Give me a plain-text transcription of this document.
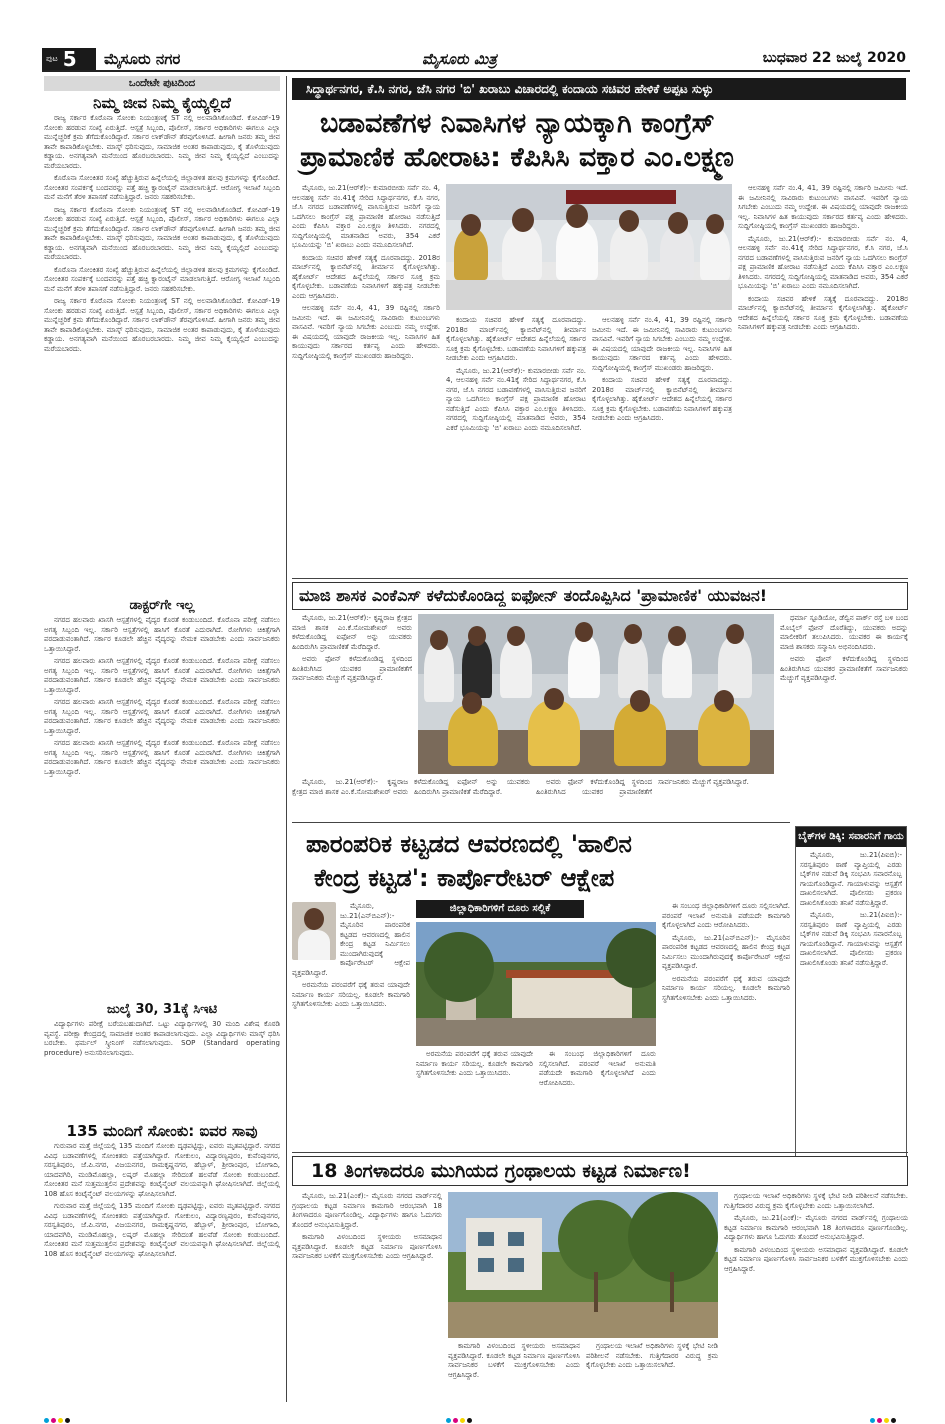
ಪುಟ 5 ಮೈಸೂರು ನಗರ	ಮೈಸೂರು ಮಿತ್ರ	ಬುಧವಾರ 22 ಜುಲೈ 2020
ಒಂದೇಟೇ ಪುಟದಿಂದ
ನಿಮ್ಮ ಜೀವ ನಿಮ್ಮ ಕೈಯ್ಯಲ್ಲಿದೆ

ರಾಜ್ಯ ಸರ್ಕಾರ ಕೊರೊನಾ ಸೋಂಕು ನಿಯಂತ್ರಣಕ್ಕೆ ST ನಲ್ಲಿ ಅಲವಾಡಿಸಿಕೊಂಡಿದೆ. ಕೋವಿಡ್-19 ಸೋಂಕು ಹರಡುವ ಸಂಖ್ಯೆ ಏರುತ್ತಿದೆ. ಆಸ್ಪತ್ರೆ ಸಿಬ್ಬಂದಿ, ಪೊಲೀಸ್, ಸರ್ಕಾರ ಅಧಿಕಾರಿಗಳು ಈಗಲೂ ಎಲ್ಲಾ ಮುನ್ನೆಚ್ಚರಿಕೆ ಕ್ರಮ ತೆಗೆದುಕೊಂಡಿದ್ದಾರೆ. ಸರ್ಕಾರ ಲಾಕ್‌ಡೌನ್ ತೆರವುಗೊಳಿಸಿದೆ. ಹೀಗಾಗಿ ಜನರು ತಮ್ಮ ಜೀವ ತಾವೇ ಕಾಪಾಡಿಕೊಳ್ಳಬೇಕು. ಮಾಸ್ಕ್ ಧರಿಸುವುದು, ಸಾಮಾಜಿಕ ಅಂತರ ಕಾಪಾಡುವುದು, ಕೈ ತೊಳೆಯುವುದು ಕಡ್ಡಾಯ. ಅನಗತ್ಯವಾಗಿ ಮನೆಯಿಂದ ಹೊರಬರಬಾರದು. ನಿಮ್ಮ ಜೀವ ನಿಮ್ಮ ಕೈಯ್ಯಲ್ಲಿದೆ ಎಂಬುದನ್ನು ಮರೆಯಬಾರದು.

ಕೊರೊನಾ ಸೋಂಕಿತರ ಸಂಖ್ಯೆ ಹೆಚ್ಚುತ್ತಿರುವ ಹಿನ್ನೆಲೆಯಲ್ಲಿ ಜಿಲ್ಲಾಡಳಿತ ಹಲವು ಕ್ರಮಗಳನ್ನು ಕೈಗೊಂಡಿದೆ. ಸೋಂಕಿತರ ಸಂಪರ್ಕಕ್ಕೆ ಬಂದವರನ್ನು ಪತ್ತೆ ಹಚ್ಚಿ ಕ್ವಾರಂಟೈನ್ ಮಾಡಲಾಗುತ್ತಿದೆ. ಆರೋಗ್ಯ ಇಲಾಖೆ ಸಿಬ್ಬಂದಿ ಮನೆ ಮನೆಗೆ ತೆರಳಿ ತಪಾಸಣೆ ನಡೆಸುತ್ತಿದ್ದಾರೆ. ಜನರು ಸಹಕರಿಸಬೇಕು.

ರಾಜ್ಯ ಸರ್ಕಾರ ಕೊರೊನಾ ಸೋಂಕು ನಿಯಂತ್ರಣಕ್ಕೆ ST ನಲ್ಲಿ ಅಲವಾಡಿಸಿಕೊಂಡಿದೆ. ಕೋವಿಡ್-19 ಸೋಂಕು ಹರಡುವ ಸಂಖ್ಯೆ ಏರುತ್ತಿದೆ. ಆಸ್ಪತ್ರೆ ಸಿಬ್ಬಂದಿ, ಪೊಲೀಸ್, ಸರ್ಕಾರ ಅಧಿಕಾರಿಗಳು ಈಗಲೂ ಎಲ್ಲಾ ಮುನ್ನೆಚ್ಚರಿಕೆ ಕ್ರಮ ತೆಗೆದುಕೊಂಡಿದ್ದಾರೆ. ಸರ್ಕಾರ ಲಾಕ್‌ಡೌನ್ ತೆರವುಗೊಳಿಸಿದೆ. ಹೀಗಾಗಿ ಜನರು ತಮ್ಮ ಜೀವ ತಾವೇ ಕಾಪಾಡಿಕೊಳ್ಳಬೇಕು. ಮಾಸ್ಕ್ ಧರಿಸುವುದು, ಸಾಮಾಜಿಕ ಅಂತರ ಕಾಪಾಡುವುದು, ಕೈ ತೊಳೆಯುವುದು ಕಡ್ಡಾಯ. ಅನಗತ್ಯವಾಗಿ ಮನೆಯಿಂದ ಹೊರಬರಬಾರದು. ನಿಮ್ಮ ಜೀವ ನಿಮ್ಮ ಕೈಯ್ಯಲ್ಲಿದೆ ಎಂಬುದನ್ನು ಮರೆಯಬಾರದು.

ಕೊರೊನಾ ಸೋಂಕಿತರ ಸಂಖ್ಯೆ ಹೆಚ್ಚುತ್ತಿರುವ ಹಿನ್ನೆಲೆಯಲ್ಲಿ ಜಿಲ್ಲಾಡಳಿತ ಹಲವು ಕ್ರಮಗಳನ್ನು ಕೈಗೊಂಡಿದೆ. ಸೋಂಕಿತರ ಸಂಪರ್ಕಕ್ಕೆ ಬಂದವರನ್ನು ಪತ್ತೆ ಹಚ್ಚಿ ಕ್ವಾರಂಟೈನ್ ಮಾಡಲಾಗುತ್ತಿದೆ. ಆರೋಗ್ಯ ಇಲಾಖೆ ಸಿಬ್ಬಂದಿ ಮನೆ ಮನೆಗೆ ತೆರಳಿ ತಪಾಸಣೆ ನಡೆಸುತ್ತಿದ್ದಾರೆ. ಜನರು ಸಹಕರಿಸಬೇಕು.

ರಾಜ್ಯ ಸರ್ಕಾರ ಕೊರೊನಾ ಸೋಂಕು ನಿಯಂತ್ರಣಕ್ಕೆ ST ನಲ್ಲಿ ಅಲವಾಡಿಸಿಕೊಂಡಿದೆ. ಕೋವಿಡ್-19 ಸೋಂಕು ಹರಡುವ ಸಂಖ್ಯೆ ಏರುತ್ತಿದೆ. ಆಸ್ಪತ್ರೆ ಸಿಬ್ಬಂದಿ, ಪೊಲೀಸ್, ಸರ್ಕಾರ ಅಧಿಕಾರಿಗಳು ಈಗಲೂ ಎಲ್ಲಾ ಮುನ್ನೆಚ್ಚರಿಕೆ ಕ್ರಮ ತೆಗೆದುಕೊಂಡಿದ್ದಾರೆ. ಸರ್ಕಾರ ಲಾಕ್‌ಡೌನ್ ತೆರವುಗೊಳಿಸಿದೆ. ಹೀಗಾಗಿ ಜನರು ತಮ್ಮ ಜೀವ ತಾವೇ ಕಾಪಾಡಿಕೊಳ್ಳಬೇಕು. ಮಾಸ್ಕ್ ಧರಿಸುವುದು, ಸಾಮಾಜಿಕ ಅಂತರ ಕಾಪಾಡುವುದು, ಕೈ ತೊಳೆಯುವುದು ಕಡ್ಡಾಯ. ಅನಗತ್ಯವಾಗಿ ಮನೆಯಿಂದ ಹೊರಬರಬಾರದು. ನಿಮ್ಮ ಜೀವ ನಿಮ್ಮ ಕೈಯ್ಯಲ್ಲಿದೆ ಎಂಬುದನ್ನು ಮರೆಯಬಾರದು.

ಡಾಕ್ಟರ್‌ಗೇ ಇಲ್ಲ

ನಗರದ ಹಲವಾರು ಖಾಸಗಿ ಆಸ್ಪತ್ರೆಗಳಲ್ಲಿ ವೈದ್ಯರ ಕೊರತೆ ಕಂಡುಬಂದಿದೆ. ಕೊರೊನಾ ಪರೀಕ್ಷೆ ನಡೆಸಲು ಅಗತ್ಯ ಸಿಬ್ಬಂದಿ ಇಲ್ಲ. ಸರ್ಕಾರಿ ಆಸ್ಪತ್ರೆಗಳಲ್ಲಿ ಹಾಸಿಗೆ ಕೊರತೆ ಎದುರಾಗಿದೆ. ರೋಗಿಗಳು ಚಿಕಿತ್ಸೆಗಾಗಿ ಪರದಾಡುವಂತಾಗಿದೆ. ಸರ್ಕಾರ ಕೂಡಲೇ ಹೆಚ್ಚಿನ ವೈದ್ಯರನ್ನು ನೇಮಕ ಮಾಡಬೇಕು ಎಂದು ಸಾರ್ವಜನಿಕರು ಒತ್ತಾಯಿಸಿದ್ದಾರೆ.

ನಗರದ ಹಲವಾರು ಖಾಸಗಿ ಆಸ್ಪತ್ರೆಗಳಲ್ಲಿ ವೈದ್ಯರ ಕೊರತೆ ಕಂಡುಬಂದಿದೆ. ಕೊರೊನಾ ಪರೀಕ್ಷೆ ನಡೆಸಲು ಅಗತ್ಯ ಸಿಬ್ಬಂದಿ ಇಲ್ಲ. ಸರ್ಕಾರಿ ಆಸ್ಪತ್ರೆಗಳಲ್ಲಿ ಹಾಸಿಗೆ ಕೊರತೆ ಎದುರಾಗಿದೆ. ರೋಗಿಗಳು ಚಿಕಿತ್ಸೆಗಾಗಿ ಪರದಾಡುವಂತಾಗಿದೆ. ಸರ್ಕಾರ ಕೂಡಲೇ ಹೆಚ್ಚಿನ ವೈದ್ಯರನ್ನು ನೇಮಕ ಮಾಡಬೇಕು ಎಂದು ಸಾರ್ವಜನಿಕರು ಒತ್ತಾಯಿಸಿದ್ದಾರೆ.

ನಗರದ ಹಲವಾರು ಖಾಸಗಿ ಆಸ್ಪತ್ರೆಗಳಲ್ಲಿ ವೈದ್ಯರ ಕೊರತೆ ಕಂಡುಬಂದಿದೆ. ಕೊರೊನಾ ಪರೀಕ್ಷೆ ನಡೆಸಲು ಅಗತ್ಯ ಸಿಬ್ಬಂದಿ ಇಲ್ಲ. ಸರ್ಕಾರಿ ಆಸ್ಪತ್ರೆಗಳಲ್ಲಿ ಹಾಸಿಗೆ ಕೊರತೆ ಎದುರಾಗಿದೆ. ರೋಗಿಗಳು ಚಿಕಿತ್ಸೆಗಾಗಿ ಪರದಾಡುವಂತಾಗಿದೆ. ಸರ್ಕಾರ ಕೂಡಲೇ ಹೆಚ್ಚಿನ ವೈದ್ಯರನ್ನು ನೇಮಕ ಮಾಡಬೇಕು ಎಂದು ಸಾರ್ವಜನಿಕರು ಒತ್ತಾಯಿಸಿದ್ದಾರೆ.

ನಗರದ ಹಲವಾರು ಖಾಸಗಿ ಆಸ್ಪತ್ರೆಗಳಲ್ಲಿ ವೈದ್ಯರ ಕೊರತೆ ಕಂಡುಬಂದಿದೆ. ಕೊರೊನಾ ಪರೀಕ್ಷೆ ನಡೆಸಲು ಅಗತ್ಯ ಸಿಬ್ಬಂದಿ ಇಲ್ಲ. ಸರ್ಕಾರಿ ಆಸ್ಪತ್ರೆಗಳಲ್ಲಿ ಹಾಸಿಗೆ ಕೊರತೆ ಎದುರಾಗಿದೆ. ರೋಗಿಗಳು ಚಿಕಿತ್ಸೆಗಾಗಿ ಪರದಾಡುವಂತಾಗಿದೆ. ಸರ್ಕಾರ ಕೂಡಲೇ ಹೆಚ್ಚಿನ ವೈದ್ಯರನ್ನು ನೇಮಕ ಮಾಡಬೇಕು ಎಂದು ಸಾರ್ವಜನಿಕರು ಒತ್ತಾಯಿಸಿದ್ದಾರೆ.

ಜುಲೈ 30, 31ಕ್ಕೆ ಸಿಇಟಿ

ವಿದ್ಯಾರ್ಥಿಗಳು ಪರೀಕ್ಷೆ ಬರೆಯಬಹುದಾಗಿದೆ. ಒಟ್ಟು ವಿದ್ಯಾರ್ಥಿಗಳಲ್ಲಿ 30 ಮಂದಿ ವಿಶೇಷ ಕೊಠಡಿ ವ್ಯವಸ್ಥೆ. ಪರೀಕ್ಷಾ ಕೇಂದ್ರದಲ್ಲಿ ಸಾಮಾಜಿಕ ಅಂತರ ಕಾಪಾಡಲಾಗುವುದು. ಎಲ್ಲಾ ವಿದ್ಯಾರ್ಥಿಗಳು ಮಾಸ್ಕ್ ಧರಿಸಿ ಬರಬೇಕು. ಥರ್ಮಲ್ ಸ್ಕ್ರೀನಿಂಗ್ ನಡೆಸಲಾಗುವುದು. SOP (Standard operating procedure) ಅನುಸರಿಸಲಾಗುವುದು.

135 ಮಂದಿಗೆ ಸೋಂಕು: ಐವರ ಸಾವು

ಗುರುವಾರ ಮತ್ತೆ ಜಿಲ್ಲೆಯಲ್ಲಿ 135 ಮಂದಿಗೆ ಸೋಂಕು ದೃಢಪಟ್ಟಿದ್ದು, ಐವರು ಮೃತಪಟ್ಟಿದ್ದಾರೆ. ನಗರದ ವಿವಿಧ ಬಡಾವಣೆಗಳಲ್ಲಿ ಸೋಂಕಿತರು ಪತ್ತೆಯಾಗಿದ್ದಾರೆ. ಗೋಕುಲಂ, ವಿದ್ಯಾರಣ್ಯಪುರಂ, ಕುವೆಂಪುನಗರ, ಸರಸ್ವತಿಪುರಂ, ಜೆ.ಪಿ.ನಗರ, ವಿಜಯನಗರ, ರಾಮಕೃಷ್ಣನಗರ, ಹೆಬ್ಬಾಳ್, ಶ್ರೀರಾಂಪುರ, ಬೋಗಾದಿ, ಯಾದವಗಿರಿ, ಮಂಡಿಮೊಹಲ್ಲಾ, ಲಷ್ಕರ್ ಮೊಹಲ್ಲಾ ಸೇರಿದಂತೆ ಹಲವೆಡೆ ಸೋಂಕು ಕಂಡುಬಂದಿದೆ. ಸೋಂಕಿತರ ಮನೆ ಸುತ್ತಮುತ್ತಲಿನ ಪ್ರದೇಶವನ್ನು ಕಂಟೈನ್ಮೆಂಟ್ ವಲಯವನ್ನಾಗಿ ಘೋಷಿಸಲಾಗಿದೆ. ಜಿಲ್ಲೆಯಲ್ಲಿ 108 ಹೊಸ ಕಂಟೈನ್ಮೆಂಟ್ ವಲಯಗಳನ್ನು ಘೋಷಿಸಲಾಗಿದೆ.

ಗುರುವಾರ ಮತ್ತೆ ಜಿಲ್ಲೆಯಲ್ಲಿ 135 ಮಂದಿಗೆ ಸೋಂಕು ದೃಢಪಟ್ಟಿದ್ದು, ಐವರು ಮೃತಪಟ್ಟಿದ್ದಾರೆ. ನಗರದ ವಿವಿಧ ಬಡಾವಣೆಗಳಲ್ಲಿ ಸೋಂಕಿತರು ಪತ್ತೆಯಾಗಿದ್ದಾರೆ. ಗೋಕುಲಂ, ವಿದ್ಯಾರಣ್ಯಪುರಂ, ಕುವೆಂಪುನಗರ, ಸರಸ್ವತಿಪುರಂ, ಜೆ.ಪಿ.ನಗರ, ವಿಜಯನಗರ, ರಾಮಕೃಷ್ಣನಗರ, ಹೆಬ್ಬಾಳ್, ಶ್ರೀರಾಂಪುರ, ಬೋಗಾದಿ, ಯಾದವಗಿರಿ, ಮಂಡಿಮೊಹಲ್ಲಾ, ಲಷ್ಕರ್ ಮೊಹಲ್ಲಾ ಸೇರಿದಂತೆ ಹಲವೆಡೆ ಸೋಂಕು ಕಂಡುಬಂದಿದೆ. ಸೋಂಕಿತರ ಮನೆ ಸುತ್ತಮುತ್ತಲಿನ ಪ್ರದೇಶವನ್ನು ಕಂಟೈನ್ಮೆಂಟ್ ವಲಯವನ್ನಾಗಿ ಘೋಷಿಸಲಾಗಿದೆ. ಜಿಲ್ಲೆಯಲ್ಲಿ 108 ಹೊಸ ಕಂಟೈನ್ಮೆಂಟ್ ವಲಯಗಳನ್ನು ಘೋಷಿಸಲಾಗಿದೆ.

ಸಿದ್ಧಾರ್ಥನಗರ, ಕೆ.ಸಿ ನಗರ, ಜೆಸಿ ನಗರ 'ಬಿ' ಖರಾಬು ವಿಚಾರದಲ್ಲಿ ಕಂದಾಯ ಸಚಿವರ ಹೇಳಿಕೆ ಅಪ್ಪಟ ಸುಳ್ಳು
ಬಡಾವಣೆಗಳ ನಿವಾಸಿಗಳ ನ್ಯಾಯಕ್ಕಾಗಿ ಕಾಂಗ್ರೆಸ್
ಪ್ರಾಮಾಣಿಕ ಹೋರಾಟ: ಕೆಪಿಸಿಸಿ ವಕ್ತಾರ ಎಂ.ಲಕ್ಷ್ಮಣ

ಮೈಸೂರು, ಜು.21(ಆರ್‌ಕೆ):- ಕುಮಾರಬೀಡು ಸರ್ವೆ ನಂ. 4, ಆಲನಹಳ್ಳಿ ಸರ್ವೆ ನಂ.41ಕ್ಕೆ ಸೇರಿದ ಸಿದ್ಧಾರ್ಥನಗರ, ಕೆ.ಸಿ ನಗರ, ಜೆ.ಸಿ ನಗರದ ಬಡಾವಣೆಗಳಲ್ಲಿ ವಾಸಿಸುತ್ತಿರುವ ಜನರಿಗೆ ನ್ಯಾಯ ಒದಗಿಸಲು ಕಾಂಗ್ರೆಸ್ ಪಕ್ಷ ಪ್ರಾಮಾಣಿಕ ಹೋರಾಟ ನಡೆಸುತ್ತಿದೆ ಎಂದು ಕೆಪಿಸಿಸಿ ವಕ್ತಾರ ಎಂ.ಲಕ್ಷ್ಮಣ ತಿಳಿಸಿದರು. ನಗರದಲ್ಲಿ ಸುದ್ದಿಗೋಷ್ಠಿಯಲ್ಲಿ ಮಾತನಾಡಿದ ಅವರು, 354 ಎಕರೆ ಭೂಮಿಯನ್ನು 'ಬಿ' ಖರಾಬು ಎಂದು ನಮೂದಿಸಲಾಗಿದೆ.

ಕಂದಾಯ ಸಚಿವರ ಹೇಳಿಕೆ ಸತ್ಯಕ್ಕೆ ದೂರವಾದದ್ದು. 2018ರ ಮಾರ್ಚ್‌ನಲ್ಲಿ ಕ್ಯಾಬಿನೆಟ್‌ನಲ್ಲಿ ತೀರ್ಮಾನ ಕೈಗೊಳ್ಳಲಾಗಿತ್ತು. ಹೈಕೋರ್ಟ್ ಆದೇಶದ ಹಿನ್ನೆಲೆಯಲ್ಲಿ ಸರ್ಕಾರ ಸೂಕ್ತ ಕ್ರಮ ಕೈಗೊಳ್ಳಬೇಕು. ಬಡಾವಣೆಯ ನಿವಾಸಿಗಳಿಗೆ ಹಕ್ಕುಪತ್ರ ನೀಡಬೇಕು ಎಂದು ಆಗ್ರಹಿಸಿದರು.

ಆಲನಹಳ್ಳಿ ಸರ್ವೆ ನಂ.4, 41, 39 ರಷ್ಟಿನಲ್ಲಿ ಸರ್ಕಾರಿ ಜಮೀನು ಇದೆ. ಈ ಜಮೀನಿನಲ್ಲಿ ಸಾವಿರಾರು ಕುಟುಂಬಗಳು ವಾಸವಿವೆ. ಇವರಿಗೆ ನ್ಯಾಯ ಸಿಗಬೇಕು ಎಂಬುದು ನಮ್ಮ ಉದ್ದೇಶ. ಈ ವಿಷಯದಲ್ಲಿ ಯಾವುದೇ ರಾಜಕೀಯ ಇಲ್ಲ. ನಿವಾಸಿಗಳ ಹಿತ ಕಾಯುವುದು ಸರ್ಕಾರದ ಕರ್ತವ್ಯ ಎಂದು ಹೇಳಿದರು. ಸುದ್ದಿಗೋಷ್ಠಿಯಲ್ಲಿ ಕಾಂಗ್ರೆಸ್ ಮುಖಂಡರು ಹಾಜರಿದ್ದರು.

ಕಂದಾಯ ಸಚಿವರ ಹೇಳಿಕೆ ಸತ್ಯಕ್ಕೆ ದೂರವಾದದ್ದು. 2018ರ ಮಾರ್ಚ್‌ನಲ್ಲಿ ಕ್ಯಾಬಿನೆಟ್‌ನಲ್ಲಿ ತೀರ್ಮಾನ ಕೈಗೊಳ್ಳಲಾಗಿತ್ತು. ಹೈಕೋರ್ಟ್ ಆದೇಶದ ಹಿನ್ನೆಲೆಯಲ್ಲಿ ಸರ್ಕಾರ ಸೂಕ್ತ ಕ್ರಮ ಕೈಗೊಳ್ಳಬೇಕು. ಬಡಾವಣೆಯ ನಿವಾಸಿಗಳಿಗೆ ಹಕ್ಕುಪತ್ರ ನೀಡಬೇಕು ಎಂದು ಆಗ್ರಹಿಸಿದರು.

ಮೈಸೂರು, ಜು.21(ಆರ್‌ಕೆ):- ಕುಮಾರಬೀಡು ಸರ್ವೆ ನಂ. 4, ಆಲನಹಳ್ಳಿ ಸರ್ವೆ ನಂ.41ಕ್ಕೆ ಸೇರಿದ ಸಿದ್ಧಾರ್ಥನಗರ, ಕೆ.ಸಿ ನಗರ, ಜೆ.ಸಿ ನಗರದ ಬಡಾವಣೆಗಳಲ್ಲಿ ವಾಸಿಸುತ್ತಿರುವ ಜನರಿಗೆ ನ್ಯಾಯ ಒದಗಿಸಲು ಕಾಂಗ್ರೆಸ್ ಪಕ್ಷ ಪ್ರಾಮಾಣಿಕ ಹೋರಾಟ ನಡೆಸುತ್ತಿದೆ ಎಂದು ಕೆಪಿಸಿಸಿ ವಕ್ತಾರ ಎಂ.ಲಕ್ಷ್ಮಣ ತಿಳಿಸಿದರು. ನಗರದಲ್ಲಿ ಸುದ್ದಿಗೋಷ್ಠಿಯಲ್ಲಿ ಮಾತನಾಡಿದ ಅವರು, 354 ಎಕರೆ ಭೂಮಿಯನ್ನು 'ಬಿ' ಖರಾಬು ಎಂದು ನಮೂದಿಸಲಾಗಿದೆ.

ಆಲನಹಳ್ಳಿ ಸರ್ವೆ ನಂ.4, 41, 39 ರಷ್ಟಿನಲ್ಲಿ ಸರ್ಕಾರಿ ಜಮೀನು ಇದೆ. ಈ ಜಮೀನಿನಲ್ಲಿ ಸಾವಿರಾರು ಕುಟುಂಬಗಳು ವಾಸವಿವೆ. ಇವರಿಗೆ ನ್ಯಾಯ ಸಿಗಬೇಕು ಎಂಬುದು ನಮ್ಮ ಉದ್ದೇಶ. ಈ ವಿಷಯದಲ್ಲಿ ಯಾವುದೇ ರಾಜಕೀಯ ಇಲ್ಲ. ನಿವಾಸಿಗಳ ಹಿತ ಕಾಯುವುದು ಸರ್ಕಾರದ ಕರ್ತವ್ಯ ಎಂದು ಹೇಳಿದರು. ಸುದ್ದಿಗೋಷ್ಠಿಯಲ್ಲಿ ಕಾಂಗ್ರೆಸ್ ಮುಖಂಡರು ಹಾಜರಿದ್ದರು.

ಕಂದಾಯ ಸಚಿವರ ಹೇಳಿಕೆ ಸತ್ಯಕ್ಕೆ ದೂರವಾದದ್ದು. 2018ರ ಮಾರ್ಚ್‌ನಲ್ಲಿ ಕ್ಯಾಬಿನೆಟ್‌ನಲ್ಲಿ ತೀರ್ಮಾನ ಕೈಗೊಳ್ಳಲಾಗಿತ್ತು. ಹೈಕೋರ್ಟ್ ಆದೇಶದ ಹಿನ್ನೆಲೆಯಲ್ಲಿ ಸರ್ಕಾರ ಸೂಕ್ತ ಕ್ರಮ ಕೈಗೊಳ್ಳಬೇಕು. ಬಡಾವಣೆಯ ನಿವಾಸಿಗಳಿಗೆ ಹಕ್ಕುಪತ್ರ ನೀಡಬೇಕು ಎಂದು ಆಗ್ರಹಿಸಿದರು.

ಆಲನಹಳ್ಳಿ ಸರ್ವೆ ನಂ.4, 41, 39 ರಷ್ಟಿನಲ್ಲಿ ಸರ್ಕಾರಿ ಜಮೀನು ಇದೆ. ಈ ಜಮೀನಿನಲ್ಲಿ ಸಾವಿರಾರು ಕುಟುಂಬಗಳು ವಾಸವಿವೆ. ಇವರಿಗೆ ನ್ಯಾಯ ಸಿಗಬೇಕು ಎಂಬುದು ನಮ್ಮ ಉದ್ದೇಶ. ಈ ವಿಷಯದಲ್ಲಿ ಯಾವುದೇ ರಾಜಕೀಯ ಇಲ್ಲ. ನಿವಾಸಿಗಳ ಹಿತ ಕಾಯುವುದು ಸರ್ಕಾರದ ಕರ್ತವ್ಯ ಎಂದು ಹೇಳಿದರು. ಸುದ್ದಿಗೋಷ್ಠಿಯಲ್ಲಿ ಕಾಂಗ್ರೆಸ್ ಮುಖಂಡರು ಹಾಜರಿದ್ದರು.

ಮೈಸೂರು, ಜು.21(ಆರ್‌ಕೆ):- ಕುಮಾರಬೀಡು ಸರ್ವೆ ನಂ. 4, ಆಲನಹಳ್ಳಿ ಸರ್ವೆ ನಂ.41ಕ್ಕೆ ಸೇರಿದ ಸಿದ್ಧಾರ್ಥನಗರ, ಕೆ.ಸಿ ನಗರ, ಜೆ.ಸಿ ನಗರದ ಬಡಾವಣೆಗಳಲ್ಲಿ ವಾಸಿಸುತ್ತಿರುವ ಜನರಿಗೆ ನ್ಯಾಯ ಒದಗಿಸಲು ಕಾಂಗ್ರೆಸ್ ಪಕ್ಷ ಪ್ರಾಮಾಣಿಕ ಹೋರಾಟ ನಡೆಸುತ್ತಿದೆ ಎಂದು ಕೆಪಿಸಿಸಿ ವಕ್ತಾರ ಎಂ.ಲಕ್ಷ್ಮಣ ತಿಳಿಸಿದರು. ನಗರದಲ್ಲಿ ಸುದ್ದಿಗೋಷ್ಠಿಯಲ್ಲಿ ಮಾತನಾಡಿದ ಅವರು, 354 ಎಕರೆ ಭೂಮಿಯನ್ನು 'ಬಿ' ಖರಾಬು ಎಂದು ನಮೂದಿಸಲಾಗಿದೆ.

ಕಂದಾಯ ಸಚಿವರ ಹೇಳಿಕೆ ಸತ್ಯಕ್ಕೆ ದೂರವಾದದ್ದು. 2018ರ ಮಾರ್ಚ್‌ನಲ್ಲಿ ಕ್ಯಾಬಿನೆಟ್‌ನಲ್ಲಿ ತೀರ್ಮಾನ ಕೈಗೊಳ್ಳಲಾಗಿತ್ತು. ಹೈಕೋರ್ಟ್ ಆದೇಶದ ಹಿನ್ನೆಲೆಯಲ್ಲಿ ಸರ್ಕಾರ ಸೂಕ್ತ ಕ್ರಮ ಕೈಗೊಳ್ಳಬೇಕು. ಬಡಾವಣೆಯ ನಿವಾಸಿಗಳಿಗೆ ಹಕ್ಕುಪತ್ರ ನೀಡಬೇಕು ಎಂದು ಆಗ್ರಹಿಸಿದರು.

ಮಾಜಿ ಶಾಸಕ ಎಂಕೆಎಸ್ ಕಳೆದುಕೊಂಡಿದ್ದ ಐಫೋನ್ ತಂದೊಪ್ಪಿಸಿದ 'ಪ್ರಾಮಾಣಿಕ' ಯುವಜನ!

ಮೈಸೂರು, ಜು.21(ಆರ್‌ಕೆ):- ಕೃಷ್ಣರಾಜ ಕ್ಷೇತ್ರದ ಮಾಜಿ ಶಾಸಕ ಎಂ.ಕೆ.ಸೋಮಶೇಖರ್ ಅವರು ಕಳೆದುಕೊಂಡಿದ್ದ ಐಫೋನ್ ಅನ್ನು ಯುವಕರು ಹಿಂದಿರುಗಿಸಿ ಪ್ರಾಮಾಣಿಕತೆ ಮೆರೆದಿದ್ದಾರೆ.

ಅವರು ಫೋನ್ ಕಳೆದುಕೊಂಡಿದ್ದ ಸ್ಥಳದಿಂದ ಹಿಂತಿರುಗಿಸಿದ ಯುವಕರ ಪ್ರಾಮಾಣಿಕತೆಗೆ ಸಾರ್ವಜನಿಕರು ಮೆಚ್ಚುಗೆ ವ್ಯಕ್ತಪಡಿಸಿದ್ದಾರೆ.

ಧರ್ಮಾ ಸ್ಟೂಡಿಯೋ, ಡೆಲ್ವಿನ ಪಾರ್ಕ್ ರಸ್ತೆ ಬಳಿ ಬಂದ ಮೊಬೈಲ್ ಫೋನ್ ದೊರೆತಿದ್ದು, ಯುವಕರು ಅದನ್ನು ಮಾಲೀಕರಿಗೆ ತಲುಪಿಸಿದರು. ಯುವಕರ ಈ ಕಾರ್ಯಕ್ಕೆ ಮಾಜಿ ಶಾಸಕರು ಸನ್ಮಾನಿಸಿ ಅಭಿನಂದಿಸಿದರು.

ಅವರು ಫೋನ್ ಕಳೆದುಕೊಂಡಿದ್ದ ಸ್ಥಳದಿಂದ ಹಿಂತಿರುಗಿಸಿದ ಯುವಕರ ಪ್ರಾಮಾಣಿಕತೆಗೆ ಸಾರ್ವಜನಿಕರು ಮೆಚ್ಚುಗೆ ವ್ಯಕ್ತಪಡಿಸಿದ್ದಾರೆ.

ಮೈಸೂರು, ಜು.21(ಆರ್‌ಕೆ):- ಕೃಷ್ಣರಾಜ ಕ್ಷೇತ್ರದ ಮಾಜಿ ಶಾಸಕ ಎಂ.ಕೆ.ಸೋಮಶೇಖರ್ ಅವರು ಕಳೆದುಕೊಂಡಿದ್ದ ಐಫೋನ್ ಅನ್ನು ಯುವಕರು ಹಿಂದಿರುಗಿಸಿ ಪ್ರಾಮಾಣಿಕತೆ ಮೆರೆದಿದ್ದಾರೆ.

ಅವರು ಫೋನ್ ಕಳೆದುಕೊಂಡಿದ್ದ ಸ್ಥಳದಿಂದ ಹಿಂತಿರುಗಿಸಿದ ಯುವಕರ ಪ್ರಾಮಾಣಿಕತೆಗೆ ಸಾರ್ವಜನಿಕರು ಮೆಚ್ಚುಗೆ ವ್ಯಕ್ತಪಡಿಸಿದ್ದಾರೆ.

ಪಾರಂಪರಿಕ ಕಟ್ಟಡದ ಆವರಣದಲ್ಲಿ 'ಹಾಲಿನ
ಕೇಂದ್ರ ಕಟ್ಟಡ': ಕಾರ್ಪೊರೇಟರ್ ಆಕ್ಷೇಪ

ಮೈಸೂರು, ಜು.21(ಎನ್‌ಬಿಎನ್):- ಮೈಸೂರಿನ ಪಾರಂಪರಿಕ ಕಟ್ಟಡದ ಆವರಣದಲ್ಲಿ ಹಾಲಿನ ಕೇಂದ್ರ ಕಟ್ಟಡ ನಿರ್ಮಿಸಲು ಮುಂದಾಗಿರುವುದಕ್ಕೆ ಕಾರ್ಪೊರೇಟರ್ ಆಕ್ಷೇಪ ವ್ಯಕ್ತಪಡಿಸಿದ್ದಾರೆ.

ಅರಮನೆಯ ಪರಂಪರೆಗೆ ಧಕ್ಕೆ ತರುವ ಯಾವುದೇ ನಿರ್ಮಾಣ ಕಾರ್ಯ ಸರಿಯಲ್ಲ. ಕೂಡಲೇ ಕಾಮಗಾರಿ ಸ್ಥಗಿತಗೊಳಿಸಬೇಕು ಎಂದು ಒತ್ತಾಯಿಸಿದರು.

ಜಿಲ್ಲಾಧಿಕಾರಿಗಳಿಗೆ ದೂರು ಸಲ್ಲಿಕೆ

ಅರಮನೆಯ ಪರಂಪರೆಗೆ ಧಕ್ಕೆ ತರುವ ಯಾವುದೇ ನಿರ್ಮಾಣ ಕಾರ್ಯ ಸರಿಯಲ್ಲ. ಕೂಡಲೇ ಕಾಮಗಾರಿ ಸ್ಥಗಿತಗೊಳಿಸಬೇಕು ಎಂದು ಒತ್ತಾಯಿಸಿದರು.

ಈ ಸಂಬಂಧ ಜಿಲ್ಲಾಧಿಕಾರಿಗಳಿಗೆ ದೂರು ಸಲ್ಲಿಸಲಾಗಿದೆ. ಪರಂಪರೆ ಇಲಾಖೆ ಅನುಮತಿ ಪಡೆಯದೇ ಕಾಮಗಾರಿ ಕೈಗೊಳ್ಳಲಾಗಿದೆ ಎಂದು ಆರೋಪಿಸಿದರು.

ಈ ಸಂಬಂಧ ಜಿಲ್ಲಾಧಿಕಾರಿಗಳಿಗೆ ದೂರು ಸಲ್ಲಿಸಲಾಗಿದೆ. ಪರಂಪರೆ ಇಲಾಖೆ ಅನುಮತಿ ಪಡೆಯದೇ ಕಾಮಗಾರಿ ಕೈಗೊಳ್ಳಲಾಗಿದೆ ಎಂದು ಆರೋಪಿಸಿದರು.

ಮೈಸೂರು, ಜು.21(ಎನ್‌ಬಿಎನ್):- ಮೈಸೂರಿನ ಪಾರಂಪರಿಕ ಕಟ್ಟಡದ ಆವರಣದಲ್ಲಿ ಹಾಲಿನ ಕೇಂದ್ರ ಕಟ್ಟಡ ನಿರ್ಮಿಸಲು ಮುಂದಾಗಿರುವುದಕ್ಕೆ ಕಾರ್ಪೊರೇಟರ್ ಆಕ್ಷೇಪ ವ್ಯಕ್ತಪಡಿಸಿದ್ದಾರೆ.

ಅರಮನೆಯ ಪರಂಪರೆಗೆ ಧಕ್ಕೆ ತರುವ ಯಾವುದೇ ನಿರ್ಮಾಣ ಕಾರ್ಯ ಸರಿಯಲ್ಲ. ಕೂಡಲೇ ಕಾಮಗಾರಿ ಸ್ಥಗಿತಗೊಳಿಸಬೇಕು ಎಂದು ಒತ್ತಾಯಿಸಿದರು.

ಬೈಕ್‌ಗಳ ಡಿಕ್ಕಿ: ಸವಾರನಿಗೆ ಗಾಯ

ಮೈಸೂರು, ಜು.21(ಪಿಐಬಿ):- ಸರಸ್ವತಿಪುರಂ ಠಾಣೆ ವ್ಯಾಪ್ತಿಯಲ್ಲಿ ಎರಡು ಬೈಕ್‌ಗಳ ನಡುವೆ ಡಿಕ್ಕಿ ಸಂಭವಿಸಿ ಸವಾರನೊಬ್ಬ ಗಾಯಗೊಂಡಿದ್ದಾನೆ. ಗಾಯಾಳುವನ್ನು ಆಸ್ಪತ್ರೆಗೆ ದಾಖಲಿಸಲಾಗಿದೆ. ಪೊಲೀಸರು ಪ್ರಕರಣ ದಾಖಲಿಸಿಕೊಂಡು ತನಿಖೆ ನಡೆಸುತ್ತಿದ್ದಾರೆ.

ಮೈಸೂರು, ಜು.21(ಪಿಐಬಿ):- ಸರಸ್ವತಿಪುರಂ ಠಾಣೆ ವ್ಯಾಪ್ತಿಯಲ್ಲಿ ಎರಡು ಬೈಕ್‌ಗಳ ನಡುವೆ ಡಿಕ್ಕಿ ಸಂಭವಿಸಿ ಸವಾರನೊಬ್ಬ ಗಾಯಗೊಂಡಿದ್ದಾನೆ. ಗಾಯಾಳುವನ್ನು ಆಸ್ಪತ್ರೆಗೆ ದಾಖಲಿಸಲಾಗಿದೆ. ಪೊಲೀಸರು ಪ್ರಕರಣ ದಾಖಲಿಸಿಕೊಂಡು ತನಿಖೆ ನಡೆಸುತ್ತಿದ್ದಾರೆ.

18 ತಿಂಗಳಾದರೂ ಮುಗಿಯದ ಗ್ರಂಥಾಲಯ ಕಟ್ಟಡ ನಿರ್ಮಾಣ!

ಮೈಸೂರು, ಜು.21(ಎಂಕೆ):- ಮೈಸೂರು ನಗರದ ವಾರ್ಡ್‌ನಲ್ಲಿ ಗ್ರಂಥಾಲಯ ಕಟ್ಟಡ ನಿರ್ಮಾಣ ಕಾಮಗಾರಿ ಆರಂಭವಾಗಿ 18 ತಿಂಗಳಾದರೂ ಪೂರ್ಣಗೊಂಡಿಲ್ಲ. ವಿದ್ಯಾರ್ಥಿಗಳು ಹಾಗೂ ಓದುಗರು ತೊಂದರೆ ಅನುಭವಿಸುತ್ತಿದ್ದಾರೆ.

ಕಾಮಗಾರಿ ವಿಳಂಬದಿಂದ ಸ್ಥಳೀಯರು ಅಸಮಾಧಾನ ವ್ಯಕ್ತಪಡಿಸಿದ್ದಾರೆ. ಕೂಡಲೇ ಕಟ್ಟಡ ನಿರ್ಮಾಣ ಪೂರ್ಣಗೊಳಿಸಿ ಸಾರ್ವಜನಿಕರ ಬಳಕೆಗೆ ಮುಕ್ತಗೊಳಿಸಬೇಕು ಎಂದು ಆಗ್ರಹಿಸಿದ್ದಾರೆ.

ಕಾಮಗಾರಿ ವಿಳಂಬದಿಂದ ಸ್ಥಳೀಯರು ಅಸಮಾಧಾನ ವ್ಯಕ್ತಪಡಿಸಿದ್ದಾರೆ. ಕೂಡಲೇ ಕಟ್ಟಡ ನಿರ್ಮಾಣ ಪೂರ್ಣಗೊಳಿಸಿ ಸಾರ್ವಜನಿಕರ ಬಳಕೆಗೆ ಮುಕ್ತಗೊಳಿಸಬೇಕು ಎಂದು ಆಗ್ರಹಿಸಿದ್ದಾರೆ.

ಗ್ರಂಥಾಲಯ ಇಲಾಖೆ ಅಧಿಕಾರಿಗಳು ಸ್ಥಳಕ್ಕೆ ಭೇಟಿ ನೀಡಿ ಪರಿಶೀಲನೆ ನಡೆಸಬೇಕು. ಗುತ್ತಿಗೆದಾರರ ವಿರುದ್ಧ ಕ್ರಮ ಕೈಗೊಳ್ಳಬೇಕು ಎಂದು ಒತ್ತಾಯಿಸಲಾಗಿದೆ.

ಗ್ರಂಥಾಲಯ ಇಲಾಖೆ ಅಧಿಕಾರಿಗಳು ಸ್ಥಳಕ್ಕೆ ಭೇಟಿ ನೀಡಿ ಪರಿಶೀಲನೆ ನಡೆಸಬೇಕು. ಗುತ್ತಿಗೆದಾರರ ವಿರುದ್ಧ ಕ್ರಮ ಕೈಗೊಳ್ಳಬೇಕು ಎಂದು ಒತ್ತಾಯಿಸಲಾಗಿದೆ.

ಮೈಸೂರು, ಜು.21(ಎಂಕೆ):- ಮೈಸೂರು ನಗರದ ವಾರ್ಡ್‌ನಲ್ಲಿ ಗ್ರಂಥಾಲಯ ಕಟ್ಟಡ ನಿರ್ಮಾಣ ಕಾಮಗಾರಿ ಆರಂಭವಾಗಿ 18 ತಿಂಗಳಾದರೂ ಪೂರ್ಣಗೊಂಡಿಲ್ಲ. ವಿದ್ಯಾರ್ಥಿಗಳು ಹಾಗೂ ಓದುಗರು ತೊಂದರೆ ಅನುಭವಿಸುತ್ತಿದ್ದಾರೆ.

ಕಾಮಗಾರಿ ವಿಳಂಬದಿಂದ ಸ್ಥಳೀಯರು ಅಸಮಾಧಾನ ವ್ಯಕ್ತಪಡಿಸಿದ್ದಾರೆ. ಕೂಡಲೇ ಕಟ್ಟಡ ನಿರ್ಮಾಣ ಪೂರ್ಣಗೊಳಿಸಿ ಸಾರ್ವಜನಿಕರ ಬಳಕೆಗೆ ಮುಕ್ತಗೊಳಿಸಬೇಕು ಎಂದು ಆಗ್ರಹಿಸಿದ್ದಾರೆ.
